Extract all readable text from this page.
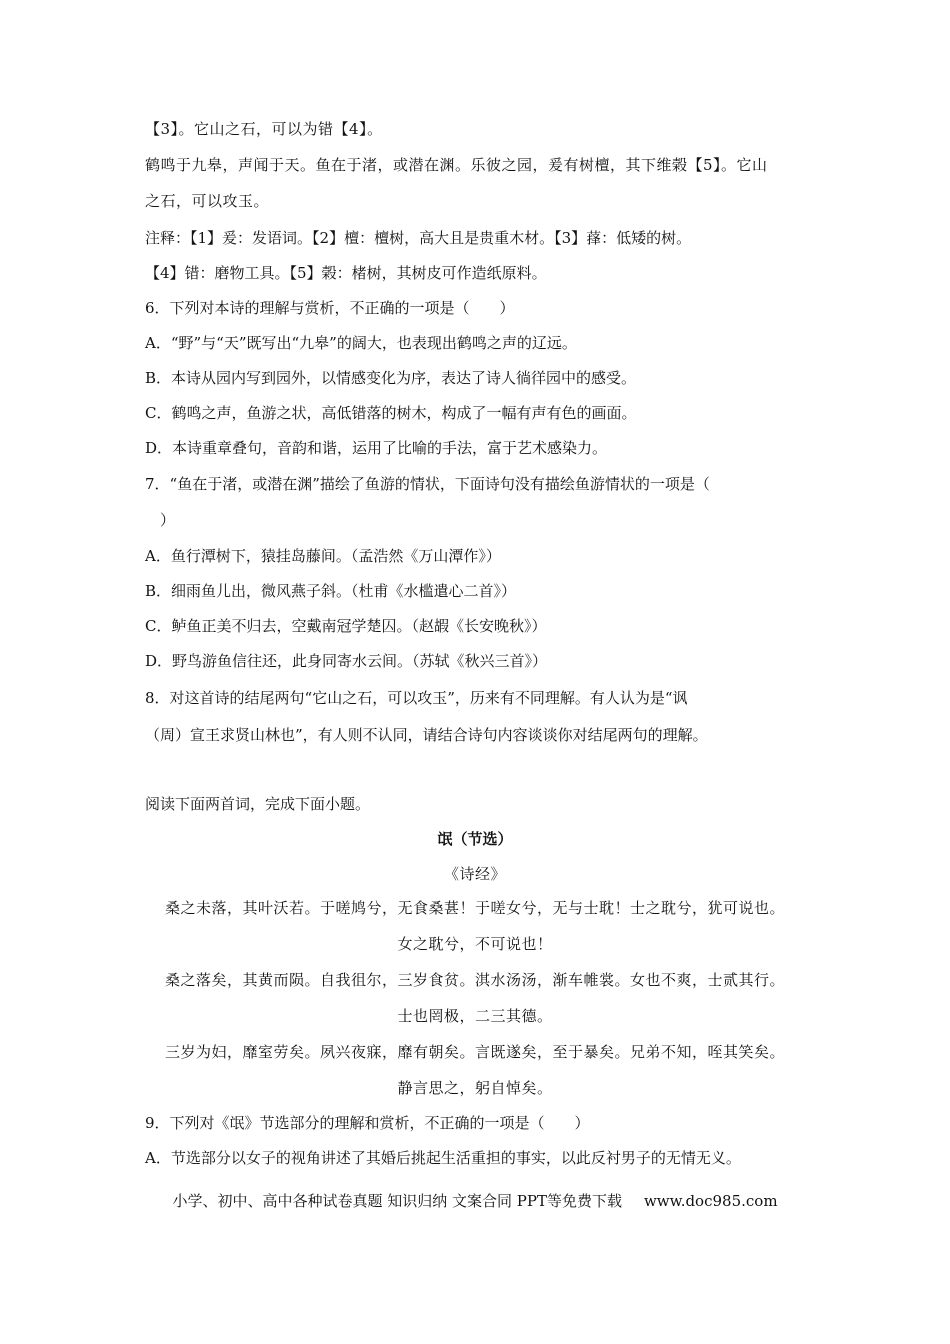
【3】。它山之石，可以为错【4】。
鹤鸣于九皋，声闻于天。鱼在于渚，或潜在渊。乐彼之园，爰有树檀，其下维榖【5】。它山
之石，可以攻玉。
注释：【1】爰：发语词。【2】檀：檀树，高大且是贵重木材。【3】萚：低矮的树。
【4】错：磨物工具。【5】榖：楮树，其树皮可作造纸原料。
6．下列对本诗的理解与赏析，不正确的一项是（　　）
A．“野”与“天”既写出“九皋”的阔大，也表现出鹤鸣之声的辽远。
B．本诗从园内写到园外，以情感变化为序，表达了诗人徜徉园中的感受。
C．鹤鸣之声，鱼游之状，高低错落的树木，构成了一幅有声有色的画面。
D．本诗重章叠句，音韵和谐，运用了比喻的手法，富于艺术感染力。
7．“鱼在于渚，或潜在渊”描绘了鱼游的情状，下面诗句没有描绘鱼游情状的一项是（
　）
A．鱼行潭树下，猿挂岛藤间。（孟浩然《万山潭作》）
B．细雨鱼儿出，微风燕子斜。（杜甫《水槛遣心二首》）
C．鲈鱼正美不归去，空戴南冠学楚囚。（赵嘏《长安晚秋》）
D．野鸟游鱼信往还，此身同寄水云间。（苏轼《秋兴三首》）
8．对这首诗的结尾两句“它山之石，可以攻玉”，历来有不同理解。有人认为是“讽
（周）宣王求贤山林也”，有人则不认同，请结合诗句内容谈谈你对结尾两句的理解。
阅读下面两首词，完成下面小题。
氓（节选）
《诗经》
桑之未落，其叶沃若。于嗟鸠兮，无食桑葚！于嗟女兮，无与士耽！士之耽兮，犹可说也。
女之耽兮，不可说也！
桑之落矣，其黄而陨。自我徂尔，三岁食贫。淇水汤汤，渐车帷裳。女也不爽，士贰其行。
士也罔极，二三其德。
三岁为妇，靡室劳矣。夙兴夜寐，靡有朝矣。言既遂矣，至于暴矣。兄弟不知，咥其笑矣。
静言思之，躬自悼矣。
9．下列对《氓》节选部分的理解和赏析，不正确的一项是（　　）
A．节选部分以女子的视角讲述了其婚后挑起生活重担的事实，以此反衬男子的无情无义。
小学、初中、高中各种试卷真题 知识归纳 文案合同 PPT等免费下载 www.doc985.com
